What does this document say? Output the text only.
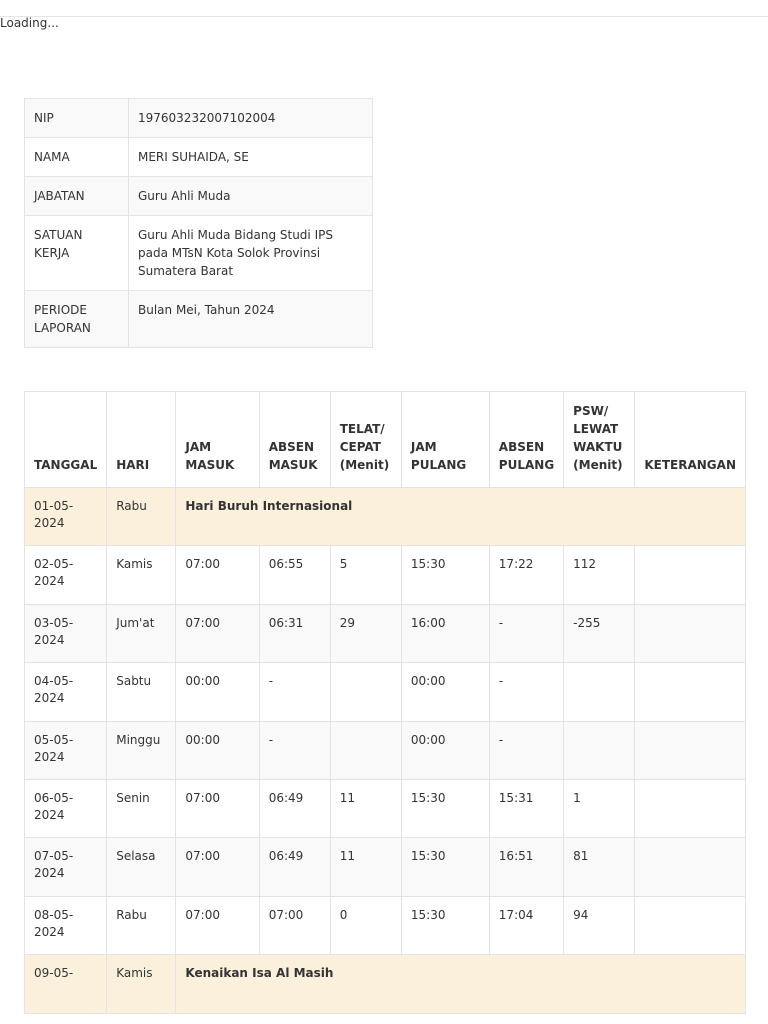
Loading...
NIP	197603232007102004
NAMA	MERI SUHAIDA, SE
JABATAN	Guru Ahli Muda
SATUAN KERJA	Guru Ahli Muda Bidang Studi IPS pada MTsN Kota Solok Provinsi Sumatera Barat
PERIODE LAPORAN	Bulan Mei, Tahun 2024
TANGGAL	HARI	JAM MASUK	ABSEN MASUK	TELAT/ CEPAT (Menit)	JAM PULANG	ABSEN PULANG	PSW/ LEWAT WAKTU (Menit)	KETERANGAN
01-05-2024	Rabu	Hari Buruh Internasional						
02-05-2024	Kamis	07:00	06:55	5	15:30	17:22	112	
03-05-2024	Jum'at	07:00	06:31	29	16:00	-	-255	
04-05-2024	Sabtu	00:00	-		00:00	-		
05-05-2024	Minggu	00:00	-		00:00	-		
06-05-2024	Senin	07:00	06:49	11	15:30	15:31	1	
07-05-2024	Selasa	07:00	06:49	11	15:30	16:51	81	
08-05-2024	Rabu	07:00	07:00	0	15:30	17:04	94	
09-05-	Kamis	Kenaikan Isa Al Masih						
